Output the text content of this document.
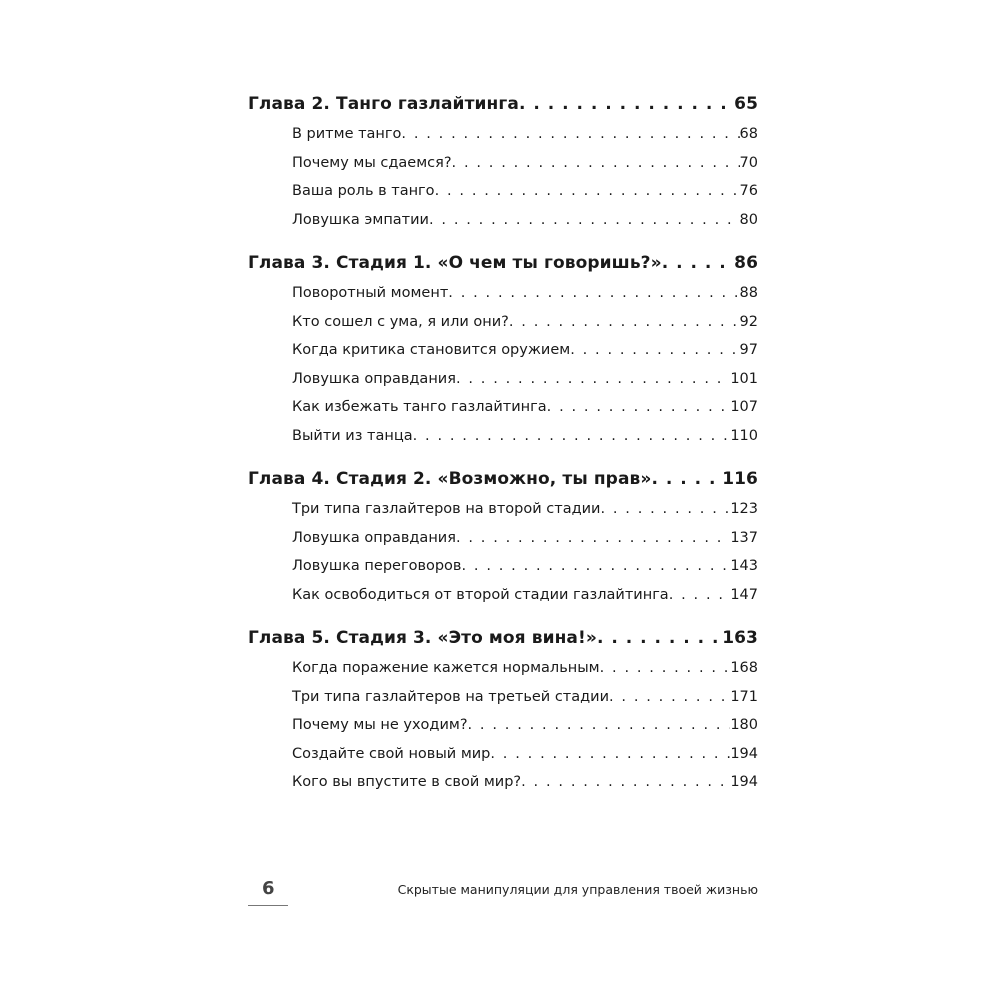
Глава 2. Танго газлайтинга . . .	65
В ритме танго . . .	68
Почему мы сдаемся? . . .	70
Ваша роль в танго . . .	76
Ловушка эмпатии . . .	80
Глава 3. Стадия 1. «О чем ты говоришь?» . . .	86
Поворотный момент . . .	88
Кто сошел с ума, я или они? . . .	92
Когда критика становится оружием . . .	97
Ловушка оправдания . . .	101
Как избежать танго газлайтинга . . .	107
Выйти из танца . . .	110
Глава 4. Стадия 2. «Возможно, ты прав» . . .	116
Три типа газлайтеров на второй стадии . . .	123
Ловушка оправдания . . .	137
Ловушка переговоров . . .	143
Как освободиться от второй стадии газлайтинга . . .	147
Глава 5. Стадия 3. «Это моя вина!» . . .	163
Когда поражение кажется нормальным . . .	168
Три типа газлайтеров на третьей стадии . . .	171
Почему мы не уходим? . . .	180
Создайте свой новый мир . . .	194
Кого вы впустите в свой мир? . . .	194
6	Скрытые манипуляции для управления твоей жизнью
